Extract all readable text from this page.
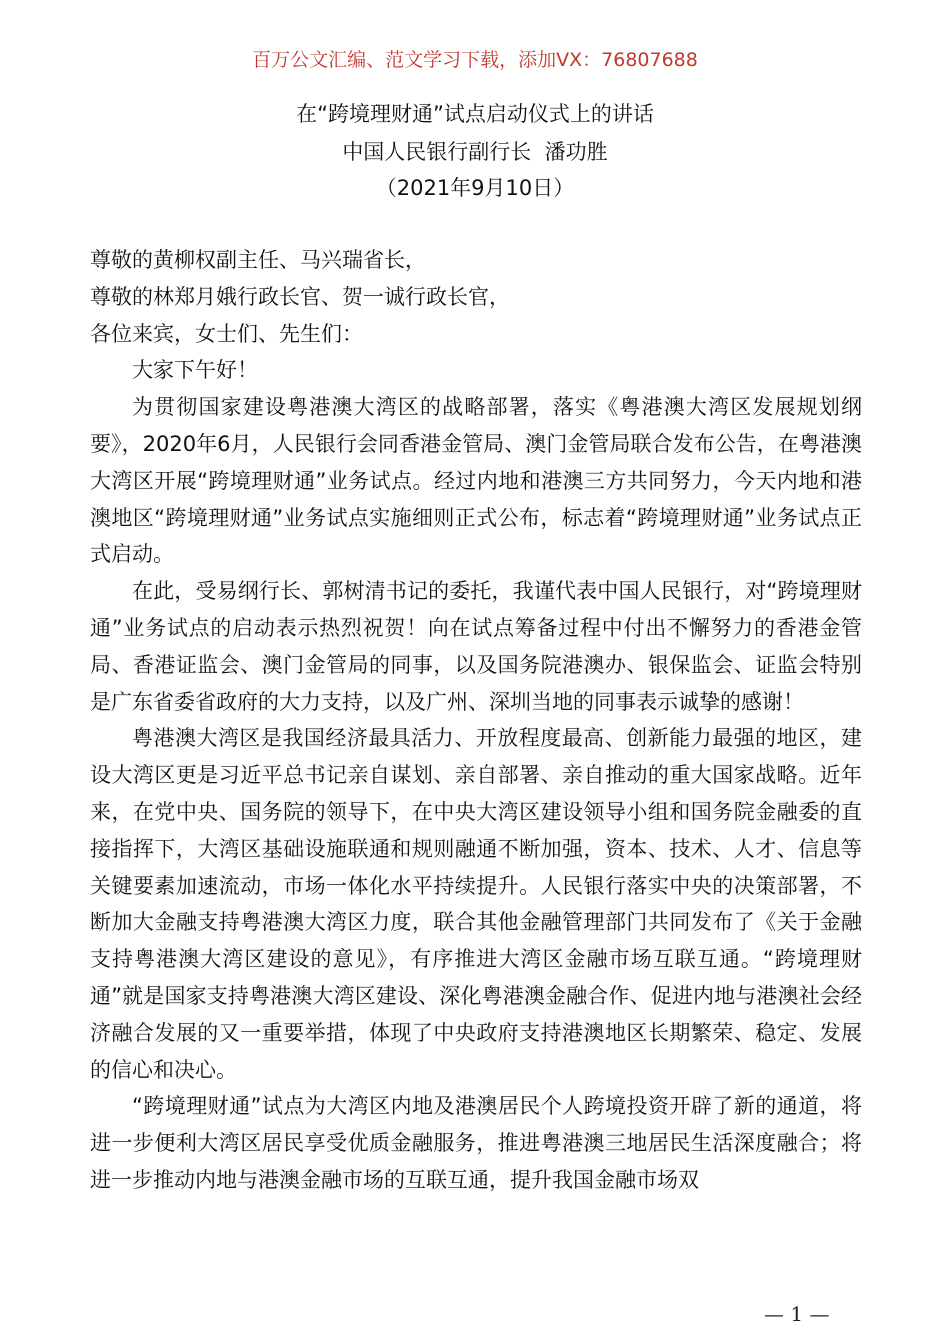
百万公文汇编、范文学习下载，添加VX：76807688
在“跨境理财通”试点启动仪式上的讲话
中国人民银行副行长  潘功胜
（2021年9月10日）

尊敬的黄柳权副主任、马兴瑞省长，

尊敬的林郑月娥行政长官、贺一诚行政长官，

各位来宾，女士们、先生们：

大家下午好！

为贯彻国家建设粤港澳大湾区的战略部署，落实《粤港澳大湾区发展规划纲要》，2020年6月，人民银行会同香港金管局、澳门金管局联合发布公告，在粤港澳大湾区开展“跨境理财通”业务试点。经过内地和港澳三方共同努力，今天内地和港澳地区“跨境理财通”业务试点实施细则正式公布，标志着“跨境理财通”业务试点正式启动。

在此，受易纲行长、郭树清书记的委托，我谨代表中国人民银行，对“跨境理财通”业务试点的启动表示热烈祝贺！向在试点筹备过程中付出不懈努力的香港金管局、香港证监会、澳门金管局的同事，以及国务院港澳办、银保监会、证监会特别是广东省委省政府的大力支持，以及广州、深圳当地的同事表示诚挚的感谢！

粤港澳大湾区是我国经济最具活力、开放程度最高、创新能力最强的地区，建设大湾区更是习近平总书记亲自谋划、亲自部署、亲自推动的重大国家战略。近年来，在党中央、国务院的领导下，在中央大湾区建设领导小组和国务院金融委的直接指挥下，大湾区基础设施联通和规则融通不断加强，资本、技术、人才、信息等关键要素加速流动，市场一体化水平持续提升。人民银行落实中央的决策部署，不断加大金融支持粤港澳大湾区力度，联合其他金融管理部门共同发布了《关于金融支持粤港澳大湾区建设的意见》，有序推进大湾区金融市场互联互通。“跨境理财通”就是国家支持粤港澳大湾区建设、深化粤港澳金融合作、促进内地与港澳社会经济融合发展的又一重要举措，体现了中央政府支持港澳地区长期繁荣、稳定、发展的信心和决心。

“跨境理财通”试点为大湾区内地及港澳居民个人跨境投资开辟了新的通道，将进一步便利大湾区居民享受优质金融服务，推进粤港澳三地居民生活深度融合；将进一步推动内地与港澳金融市场的互联互通，提升我国金融市场双

— 1 —
